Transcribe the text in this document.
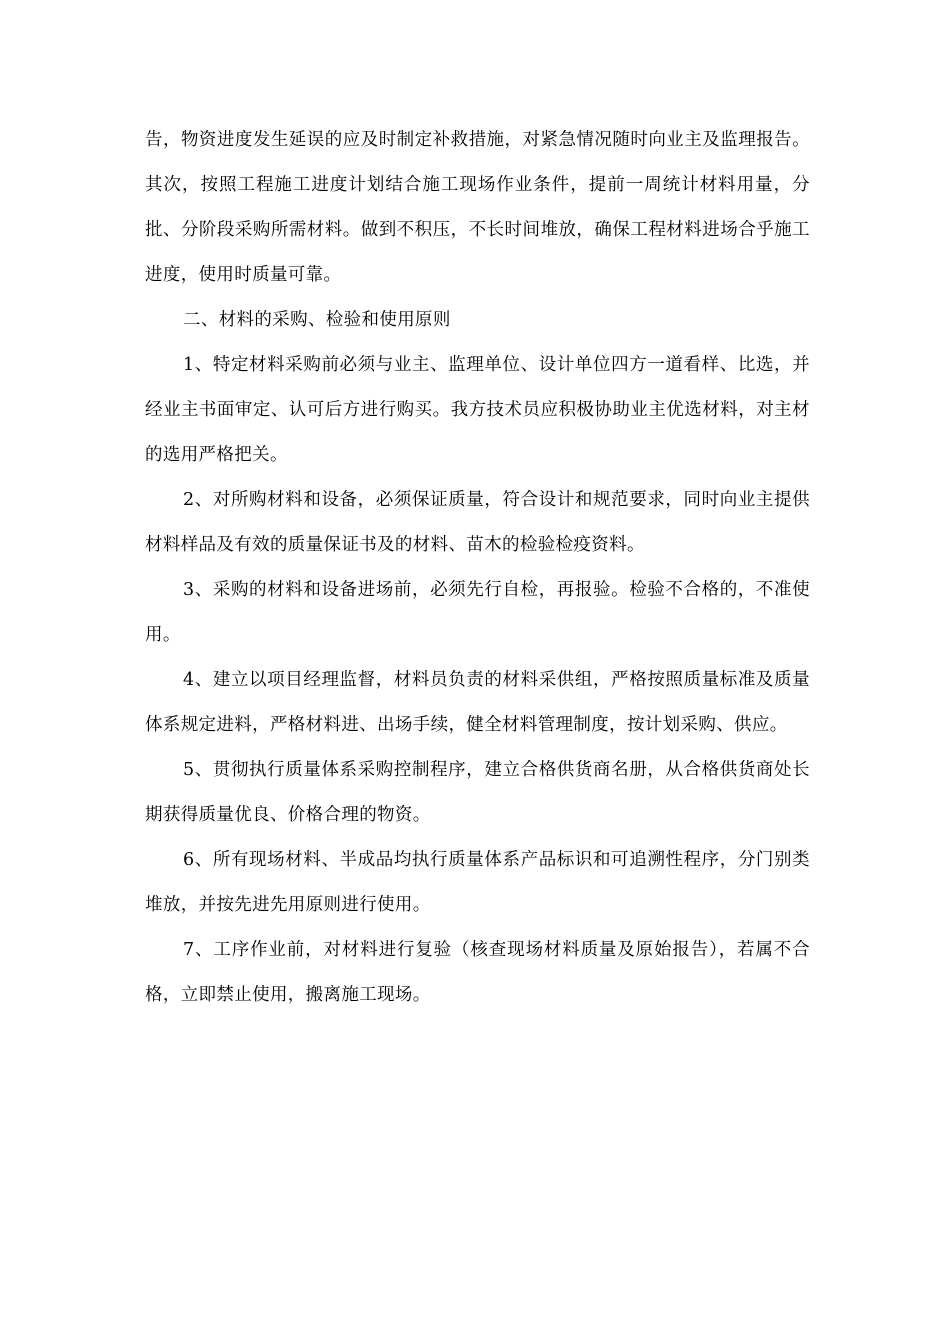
告，物资进度发生延误的应及时制定补救措施，对紧急情况随时向业主及监理报告。其次，按照工程施工进度计划结合施工现场作业条件，提前一周统计材料用量，分批、分阶段采购所需材料。做到不积压，不长时间堆放，确保工程材料进场合乎施工进度，使用时质量可靠。

二、材料的采购、检验和使用原则

1、特定材料采购前必须与业主、监理单位、设计单位四方一道看样、比选，并经业主书面审定、认可后方进行购买。我方技术员应积极协助业主优选材料，对主材的选用严格把关。

2、对所购材料和设备，必须保证质量，符合设计和规范要求，同时向业主提供材料样品及有效的质量保证书及的材料、苗木的检验检疫资料。

3、采购的材料和设备进场前，必须先行自检，再报验。检验不合格的，不准使用。

4、建立以项目经理监督，材料员负责的材料采供组，严格按照质量标准及质量体系规定进料，严格材料进、出场手续，健全材料管理制度，按计划采购、供应。

5、贯彻执行质量体系采购控制程序，建立合格供货商名册，从合格供货商处长期获得质量优良、价格合理的物资。

6、所有现场材料、半成品均执行质量体系产品标识和可追溯性程序，分门别类堆放，并按先进先用原则进行使用。

7、工序作业前，对材料进行复验（核查现场材料质量及原始报告），若属不合格，立即禁止使用，搬离施工现场。
